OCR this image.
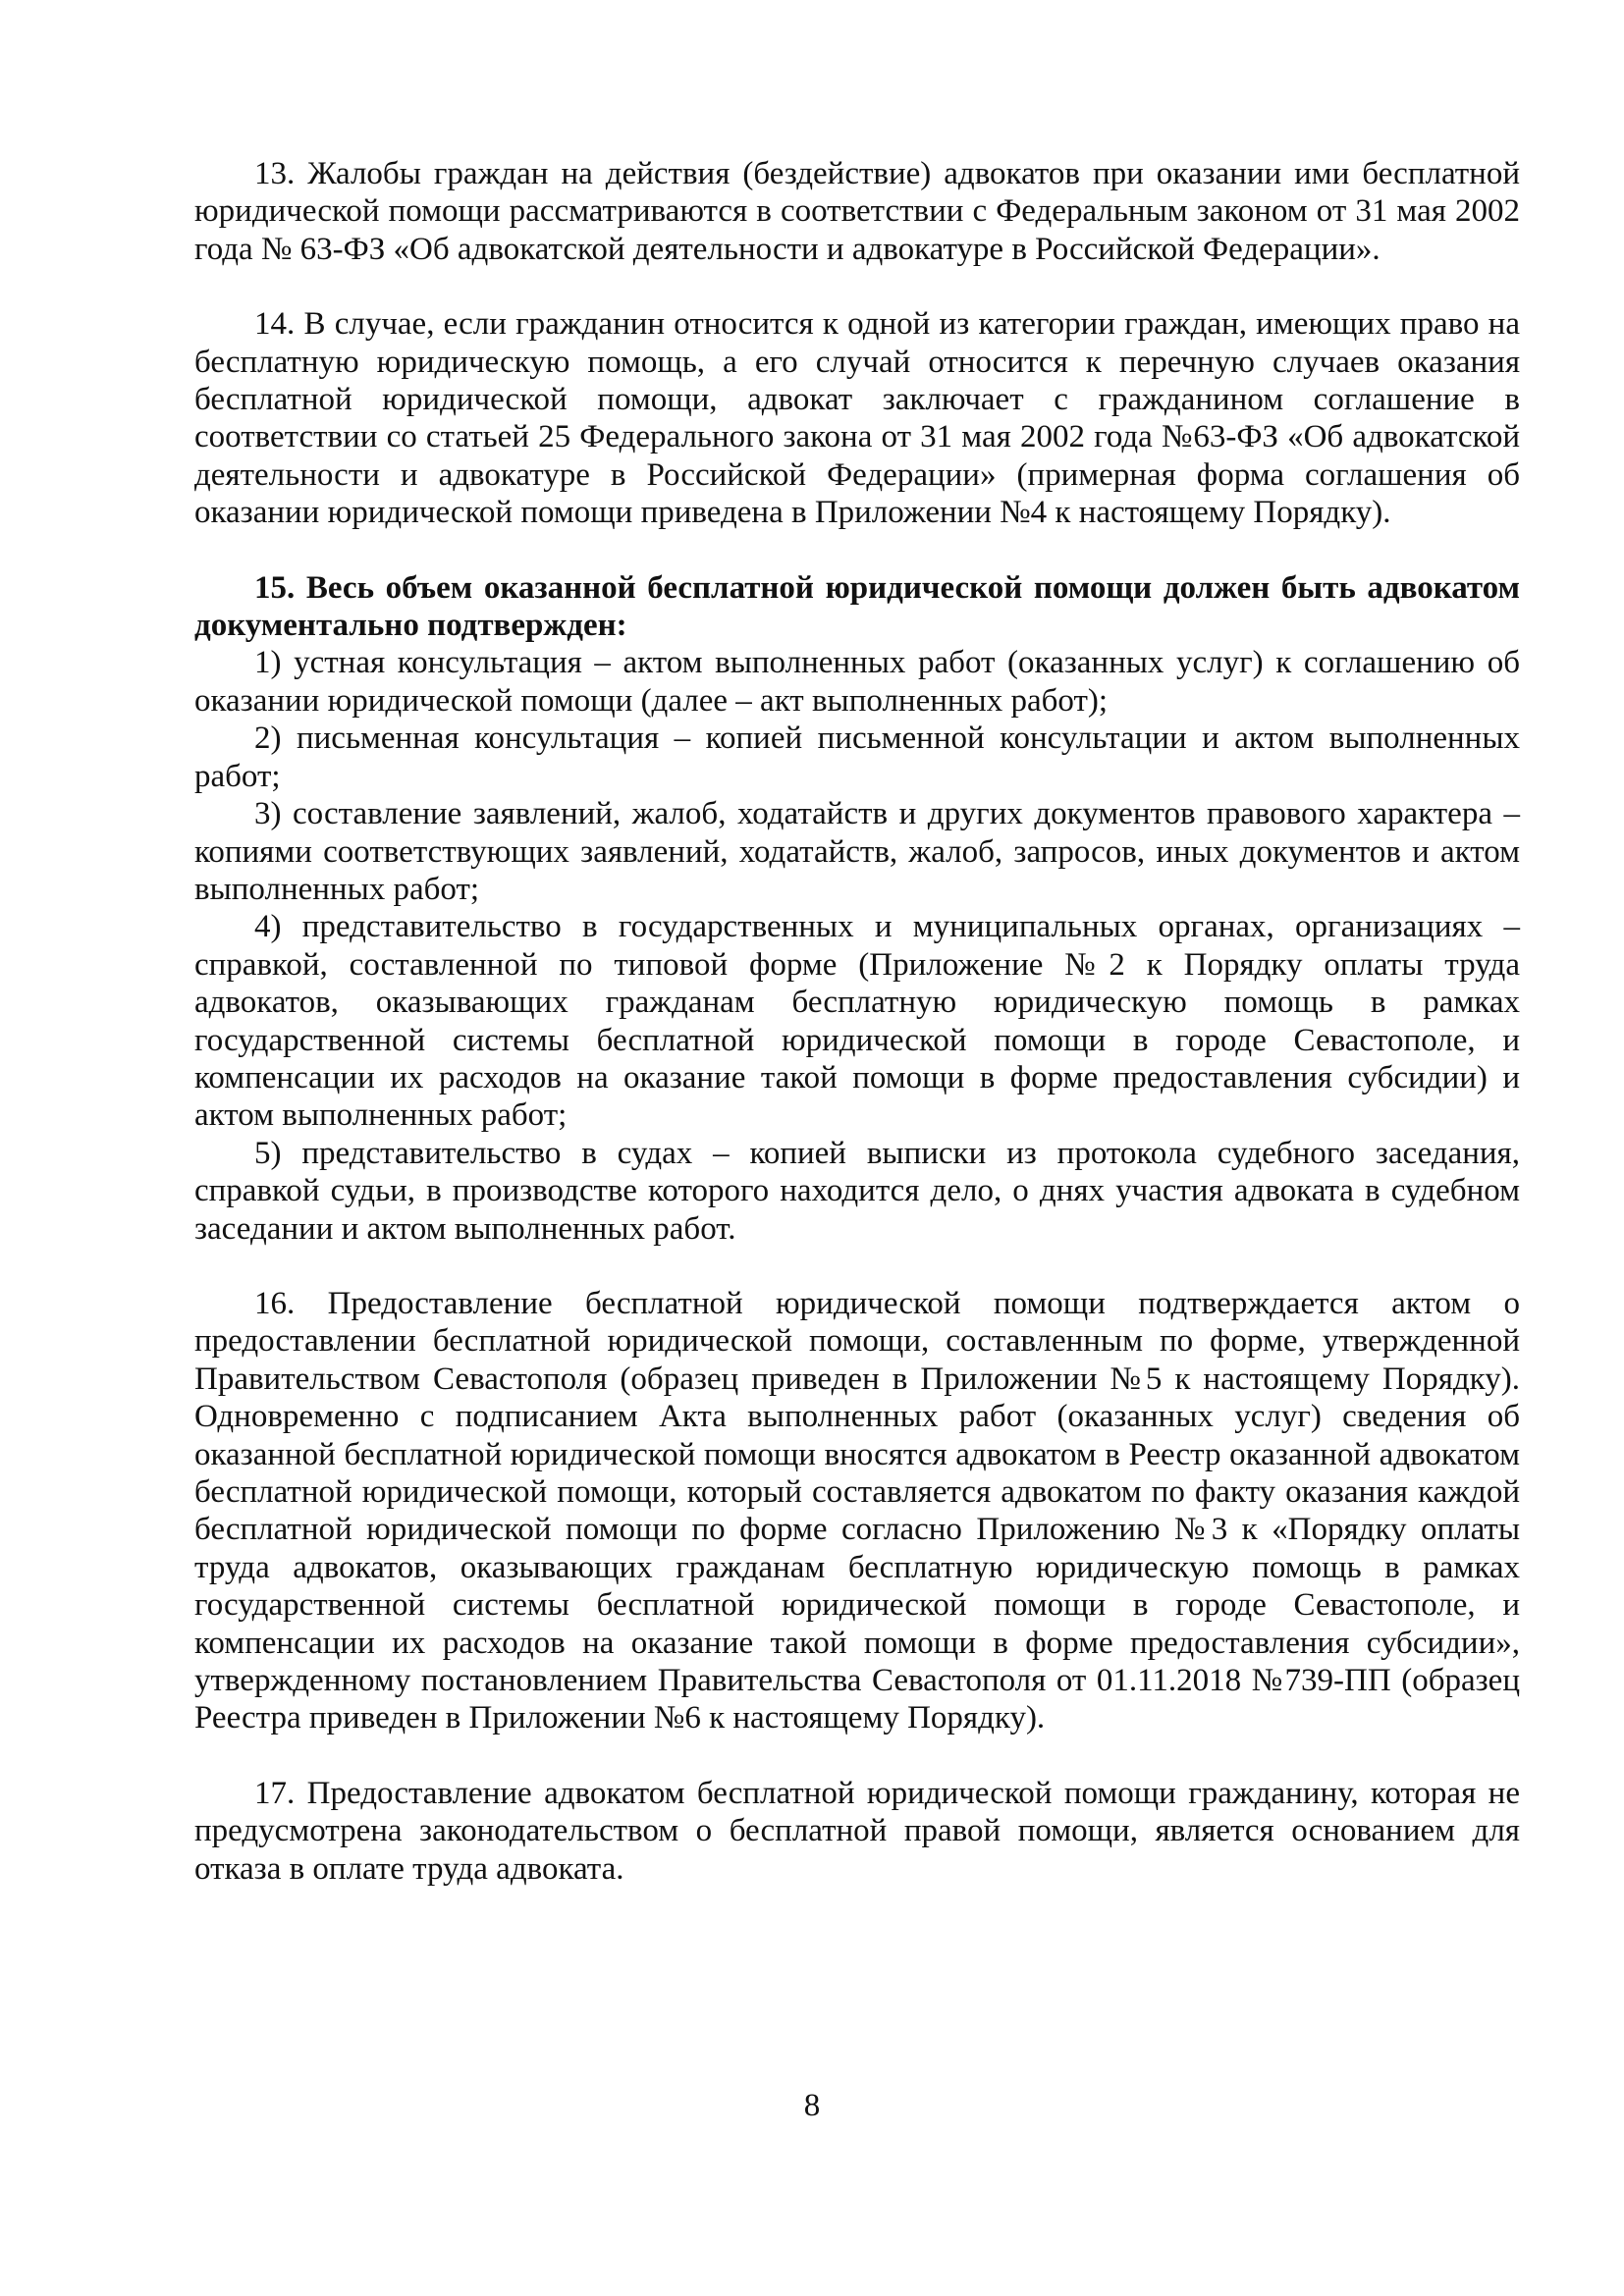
13. Жалобы граждан на действия (бездействие) адвокатов при оказании ими бесплатной юридической помощи рассматриваются в соответствии с Федеральным законом от 31 мая 2002 года № 63-ФЗ «Об адвокатской деятельности и адвокатуре в Российской Федерации».

14. В случае, если гражданин относится к одной из категории граждан, имеющих право на бесплатную юридическую помощь, а его случай относится к перечную случаев оказания бесплатной юридической помощи, адвокат заключает с гражданином соглашение в соответствии со статьей 25 Федерального закона от 31 мая 2002 года №63-ФЗ «Об адвокатской деятельности и адвокатуре в Российской Федерации» (примерная форма соглашения об оказании юридической помощи приведена в Приложении №4 к настоящему Порядку).

15. Весь объем оказанной бесплатной юридической помощи должен быть адвокатом документально подтвержден:

1) устная консультация – актом выполненных работ (оказанных услуг) к соглашению об оказании юридической помощи (далее – акт выполненных работ);

2) письменная консультация – копией письменной консультации и актом выполненных работ;

3) составление заявлений, жалоб, ходатайств и других документов правового характера – копиями соответствующих заявлений, ходатайств, жалоб, запросов, иных документов и актом выполненных работ;

4) представительство в государственных и муниципальных органах, организациях – справкой, составленной по типовой форме (Приложение №2 к Порядку оплаты труда адвокатов, оказывающих гражданам бесплатную юридическую помощь в рамках государственной системы бесплатной юридической помощи в городе Севастополе, и компенсации их расходов на оказание такой помощи в форме предоставления субсидии) и актом выполненных работ;

5) представительство в судах – копией выписки из протокола судебного заседания, справкой судьи, в производстве которого находится дело, о днях участия адвоката в судебном заседании и актом выполненных работ.

16. Предоставление бесплатной юридической помощи подтверждается актом о предоставлении бесплатной юридической помощи, составленным по форме, утвержденной Правительством Севастополя (образец приведен в Приложении №5 к настоящему Порядку). Одновременно с подписанием Акта выполненных работ (оказанных услуг) сведения об оказанной бесплатной юридической помощи вносятся адвокатом в Реестр оказанной адвокатом бесплатной юридической помощи, который составляется адвокатом по факту оказания каждой бесплатной юридической помощи по форме согласно Приложению №3 к «Порядку оплаты труда адвокатов, оказывающих гражданам бесплатную юридическую помощь в рамках государственной системы бесплатной юридической помощи в городе Севастополе, и компенсации их расходов на оказание такой помощи в форме предоставления субсидии», утвержденному постановлением Правительства Севастополя от 01.11.2018 №739-ПП (образец Реестра приведен в Приложении №6 к настоящему Порядку).

17. Предоставление адвокатом бесплатной юридической помощи гражданину, которая не предусмотрена законодательством о бесплатной правой помощи, является основанием для отказа в оплате труда адвоката.

8
